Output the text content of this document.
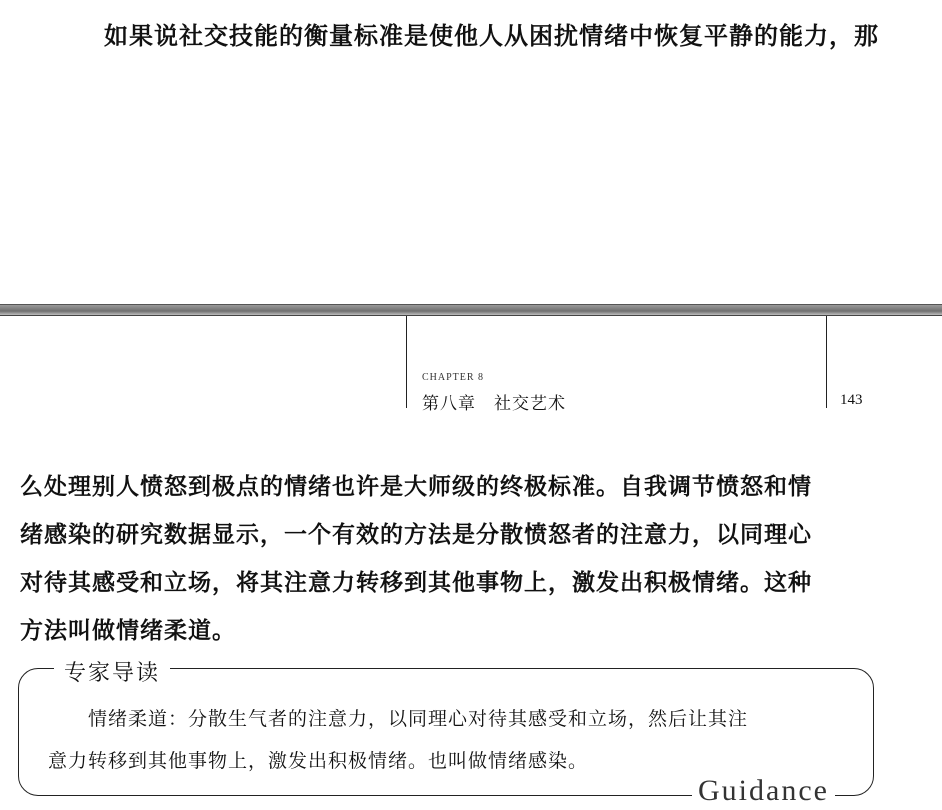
如果说社交技能的衡量标准是使他人从困扰情绪中恢复平静的能力，那
CHAPTER 8
第八章　社交艺术	143
么处理别人愤怒到极点的情绪也许是大师级的终极标准。自我调节愤怒和情
绪感染的研究数据显示，一个有效的方法是分散愤怒者的注意力，以同理心
对待其感受和立场，将其注意力转移到其他事物上，激发出积极情绪。这种
方法叫做情绪柔道。
专家导读
情绪柔道：分散生气者的注意力，以同理心对待其感受和立场，然后让其注
意力转移到其他事物上，激发出积极情绪。也叫做情绪感染。
Guidance
